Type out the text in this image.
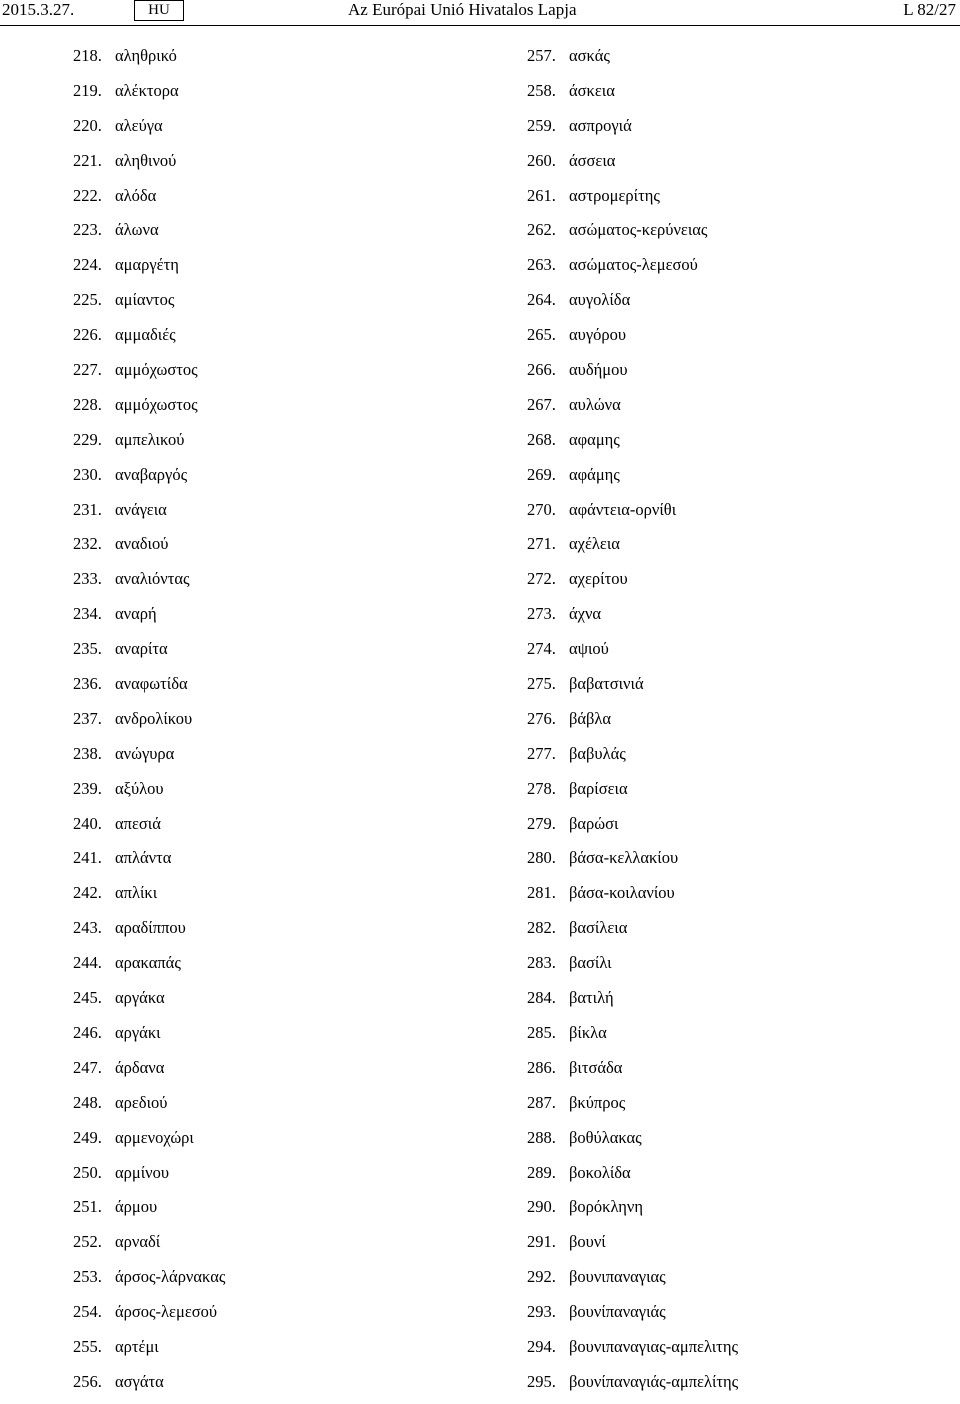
2015.3.27.	HU	Az Európai Unió Hivatalos Lapja	L 82/27
218. αληθρικό
219. αλέκτορα
220. αλεύγα
221. αληθινού
222. αλόδα
223. άλωνα
224. αμαργέτη
225. αμίαντος
226. αμμαδιές
227. αμμόχωστος
228. αμμόχωστος
229. αμπελικού
230. αναβαργός
231. ανάγεια
232. αναδιού
233. αναλιόντας
234. αναρή
235. αναρίτα
236. αναφωτίδα
237. ανδρολίκου
238. ανώγυρα
239. αξύλου
240. απεσιά
241. απλάντα
242. απλίκι
243. αραδίππου
244. αρακαπάς
245. αργάκα
246. αργάκι
247. άρδανα
248. αρεδιού
249. αρμενοχώρι
250. αρμίνου
251. άρμου
252. αρναδί
253. άρσος-λάρνακας
254. άρσος-λεμεσού
255. αρτέμι
256. ασγάτα
257. ασκάς
258. άσκεια
259. ασπρογιά
260. άσσεια
261. αστρομερίτης
262. ασώματος-κερύνειας
263. ασώματος-λεμεσού
264. αυγολίδα
265. αυγόρου
266. αυδήμου
267. αυλώνα
268. αφαμης
269. αφάμης
270. αφάντεια-ορνίθι
271. αχέλεια
272. αχερίτου
273. άχνα
274. αψιού
275. βαβατσινιά
276. βάβλα
277. βαβυλάς
278. βαρίσεια
279. βαρώσι
280. βάσα-κελλακίου
281. βάσα-κοιλανίου
282. βασίλεια
283. βασίλι
284. βατιλή
285. βίκλα
286. βιτσάδα
287. βκύπρος
288. βοθύλακας
289. βοκολίδα
290. βορόκληνη
291. βουνί
292. βουνιπαναγιας
293. βουνίπαναγιάς
294. βουνιπαναγιας-αμπελιτης
295. βουνίπαναγιάς-αμπελίτης
